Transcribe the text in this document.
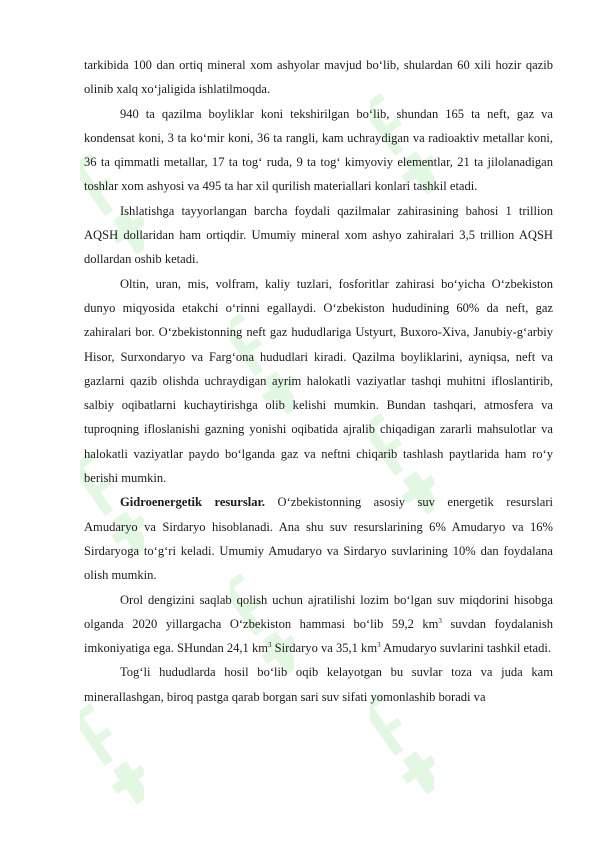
tarkibida 100 dan ortiq mineral xom ashyolar mavjud bo‘lib, shulardan 60 xili hozir qazib olinib xalq xo‘jaligida ishlatilmoqda.

940 ta qazilma boyliklar koni tekshirilgan bo‘lib, shundan 165 ta neft, gaz va kondensat koni, 3 ta ko‘mir koni, 36 ta rangli, kam uchraydigan va radioaktiv metallar koni, 36 ta qimmatli metallar, 17 ta tog‘ ruda, 9 ta tog‘ kimyoviy elementlar, 21 ta jilolanadigan toshlar xom ashyosi va 495 ta har xil qurilish materiallari konlari tashkil etadi.

Ishlatishga tayyorlangan barcha foydali qazilmalar zahirasining bahosi 1 trillion AQSH dollaridan ham ortiqdir. Umumiy mineral xom ashyo zahiralari 3,5 trillion AQSH dollardan oshib ketadi.

Oltin, uran, mis, volfram, kaliy tuzlari, fosforitlar zahirasi bo‘yicha O‘zbekiston dunyo miqyosida etakchi o‘rinni egallaydi. O‘zbekiston hududining 60% da neft, gaz zahiralari bor. O‘zbekistonning neft gaz hududlariga Ustyurt, Buxoro-Xiva, Janubiy-g‘arbiy Hisor, Surxondaryo va Farg‘ona hududlari kiradi. Qazilma boyliklarini, ayniqsa, neft va gazlarni qazib olishda uchraydigan ayrim halokatli vaziyatlar tashqi muhitni ifloslantirib, salbiy oqibatlarni kuchaytirishga olib kelishi mumkin. Bundan tashqari, atmosfera va tuproqning ifloslanishi gazning yonishi oqibatida ajralib chiqadigan zararli mahsulotlar va halokatli vaziyatlar paydo bo‘lganda gaz va neftni chiqarib tashlash paytlarida ham ro‘y berishi mumkin.

Gidroenergetik resurslar. O‘zbekistonning asosiy suv energetik resurslari Amudaryo va Sirdaryo hisoblanadi. Ana shu suv resurslarining 6% Amudaryo va 16% Sirdaryoga to‘g‘ri keladi. Umumiy Amudaryo va Sirdaryo suvlarining 10% dan foydalana olish mumkin.

Orol dengizini saqlab qolish uchun ajratilishi lozim bo‘lgan suv miqdorini hisobga olganda 2020 yillargacha O‘zbekiston hammasi bo‘lib 59,2 $km^3$ suvdan foydalanish imkoniyatiga ega. SHundan 24,1 $km^3$ Sirdaryo va 35,1 $km^3$ Amudaryo suvlarini tashkil etadi.

Tog‘li hududlarda hosil bo‘lib oqib kelayotgan bu suvlar toza va juda kam minerallashgan, biroq pastga qarab borgan sari suv sifati yomonlashib boradi va
